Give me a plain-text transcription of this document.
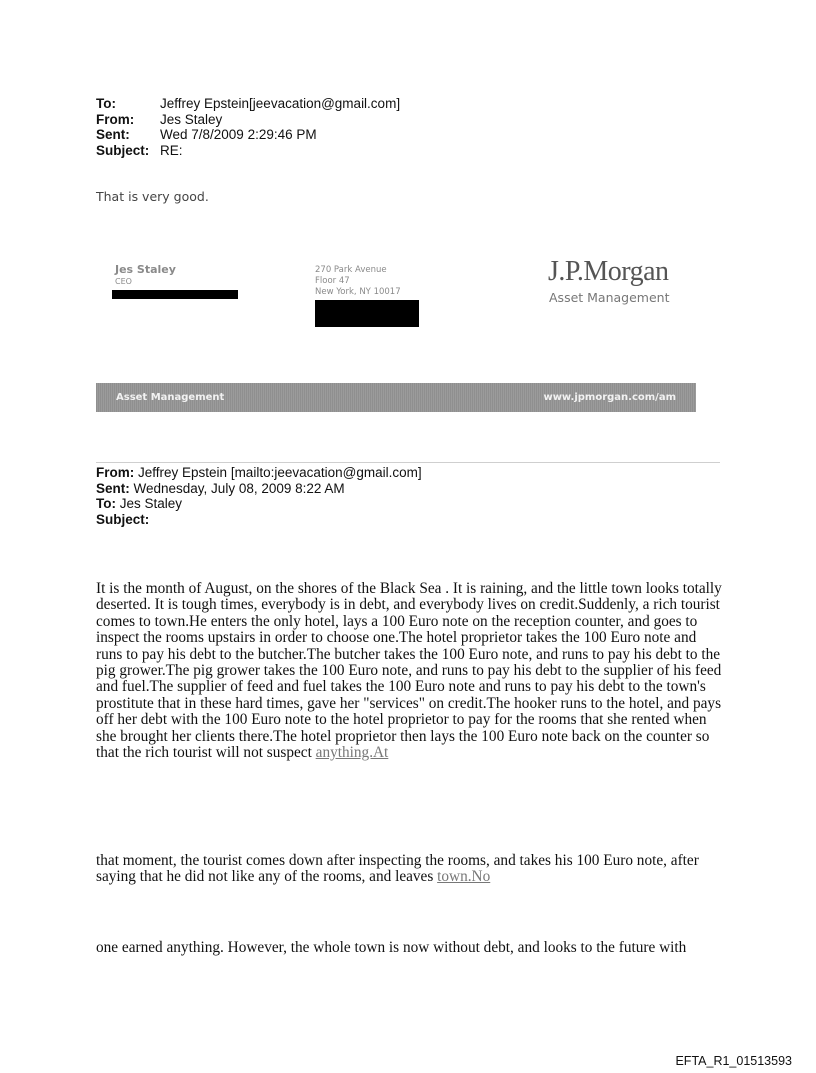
To:	Jeffrey Epstein[jeevacation@gmail.com]
From:	Jes Staley
Sent:	Wed 7/8/2009 2:29:46 PM
Subject: RE:
That is very good.
Jes Staley
CEO
270 Park Avenue
Floor 47
New York, NY 10017
J.P.Morgan
Asset Management
Asset Management	www.jpmorgan.com/am
From: Jeffrey Epstein [mailto:jeevacation@gmail.com]
Sent: Wednesday, July 08, 2009 8:22 AM
To: Jes Staley
Subject:
It is the month of August, on the shores of the Black Sea . It is raining, and the little town looks totally deserted. It is tough times, everybody is in debt, and everybody lives on credit.Suddenly, a rich tourist comes to town.He enters the only hotel, lays a 100 Euro note on the reception counter, and goes to inspect the rooms upstairs in order to choose one.The hotel proprietor takes the 100 Euro note and runs to pay his debt to the butcher.The butcher takes the 100 Euro note, and runs to pay his debt to the pig grower.The pig grower takes the 100 Euro note, and runs to pay his debt to the supplier of his feed and fuel.The supplier of feed and fuel takes the 100 Euro note and runs to pay his debt to the town's prostitute that in these hard times, gave her "services" on credit.The hooker runs to the hotel, and pays off her debt with the 100 Euro note to the hotel proprietor to pay for the rooms that she rented when she brought her clients there.The hotel proprietor then lays the 100 Euro note back on the counter so that the rich tourist will not suspect anything.At
that moment, the tourist comes down after inspecting the rooms, and takes his 100 Euro note, after saying that he did not like any of the rooms, and leaves town.No
one earned anything. However, the whole town is now without debt, and looks to the future with
EFTA_R1_01513593
